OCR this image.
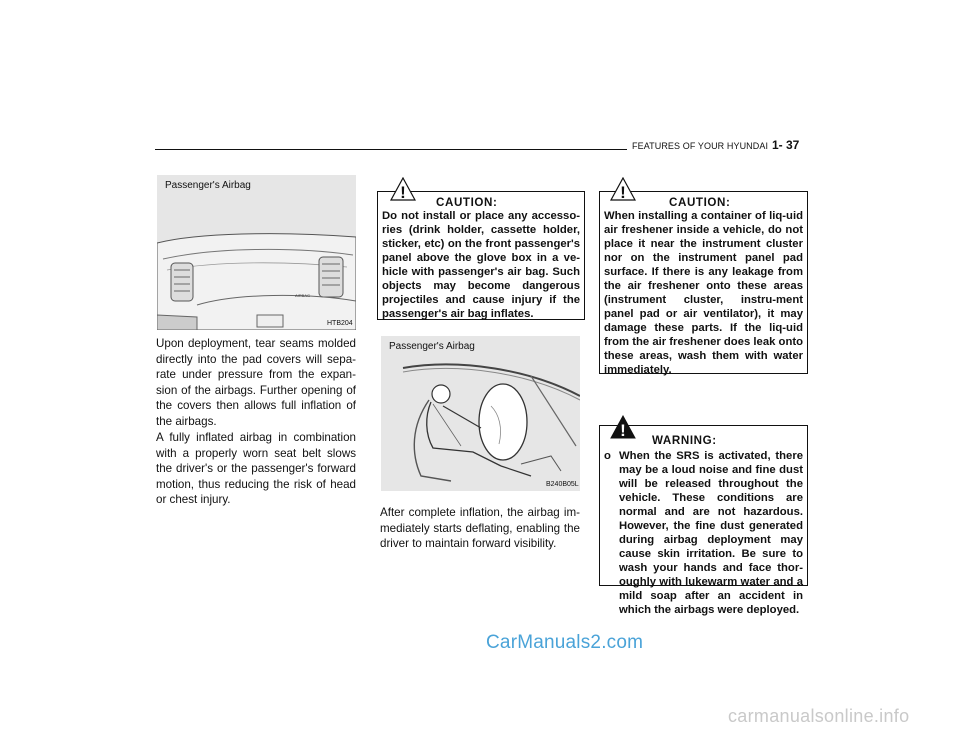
FEATURES OF YOUR HYUNDAI 1- 37
AIRBAG
Passenger's Airbag
HTB204

Upon deployment, tear seams molded directly into the pad covers will sepa-rate under pressure from the expan-sion of the airbags. Further opening of the covers then allows full inflation of the airbags.

A fully inflated airbag in combination with a properly worn seat belt slows the driver's or the passenger's forward motion, thus reducing the risk of head or chest injury.

!
CAUTION:

Do not install or place any accesso-ries (drink holder, cassette holder, sticker, etc) on the front passenger's panel above the glove box in a ve-hicle with passenger's air bag. Such objects may become dangerous projectiles and cause injury if the passenger's air bag inflates.

Passenger's Airbag
B240B05L

After complete inflation, the airbag im-mediately starts deflating, enabling the driver to maintain forward visibility.

!
CAUTION:

When installing a container of liq-uid air freshener inside a vehicle, do not place it near the instrument cluster nor on the instrument panel pad surface. If there is any leakage from the air freshener onto these areas (instrument cluster, instru-ment panel pad or air ventilator), it may damage these parts. If the liq-uid from the air freshener does leak onto these areas, wash them with water immediately.

!
WARNING:

o When the SRS is activated, there may be a loud noise and fine dust will be released throughout the vehicle. These conditions are normal and are not hazardous. However, the fine dust generated during airbag deployment may cause skin irritation. Be sure to wash your hands and face thor-oughly with lukewarm water and a mild soap after an accident in which the airbags were deployed.

CarManuals2.com
carmanualsonline.info
